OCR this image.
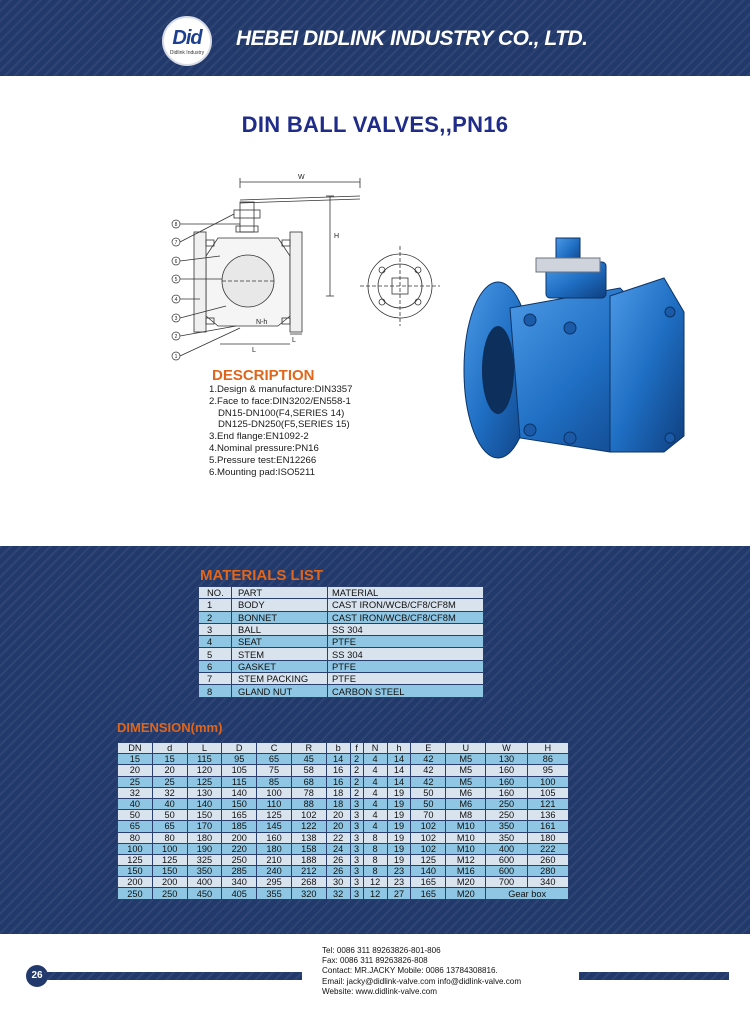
Did
Didlink Industry
HEBEI DIDLINK INDUSTRY CO., LTD.
DIN BALL VALVES,,PN16
8
7
6
5
4
3
2
1
W
H
L
L
N-h
DESCRIPTION
1.Design & manufacture:DIN3357
2.Face to face:DIN3202/EN558-1
DN15-DN100(F4,SERIES 14)
DN125-DN250(F5,SERIES 15)
3.End flange:EN1092-2
4.Nominal pressure:PN16
5.Pressure test:EN12266
6.Mounting pad:ISO5211
MATERIALS LIST
NO.	PART	MATERIAL
1	BODY	CAST IRON/WCB/CF8/CF8M
2	BONNET	CAST IRON/WCB/CF8/CF8M
3	BALL	SS 304
4	SEAT	PTFE
5	STEM	SS 304
6	GASKET	PTFE
7	STEM PACKING	PTFE
8	GLAND NUT	CARBON STEEL
DIMENSION(mm)
DN	d	L	D	C	R	b	f	N	h	E	U	W	H
15	15	115	95	65	45	14	2	4	14	42	M5	130	86
20	20	120	105	75	58	16	2	4	14	42	M5	160	95
25	25	125	115	85	68	16	2	4	14	42	M5	160	100
32	32	130	140	100	78	18	2	4	19	50	M6	160	105
40	40	140	150	110	88	18	3	4	19	50	M6	250	121
50	50	150	165	125	102	20	3	4	19	70	M8	250	136
65	65	170	185	145	122	20	3	4	19	102	M10	350	161
80	80	180	200	160	138	22	3	8	19	102	M10	350	180
100	100	190	220	180	158	24	3	8	19	102	M10	400	222
125	125	325	250	210	188	26	3	8	19	125	M12	600	260
150	150	350	285	240	212	26	3	8	23	140	M16	600	280
200	200	400	340	295	268	30	3	12	23	165	M20	700	340
250	250	450	405	355	320	32	3	12	27	165	M20	Gear box	
26
Tel: 0086 311 89263826-801-806
Fax: 0086 311 89263826-808
Contact: MR.JACKY Mobile: 0086 13784308816.
Email: jacky@didlink-valve.com info@didlink-valve.com
Website: www.didlink-valve.com
